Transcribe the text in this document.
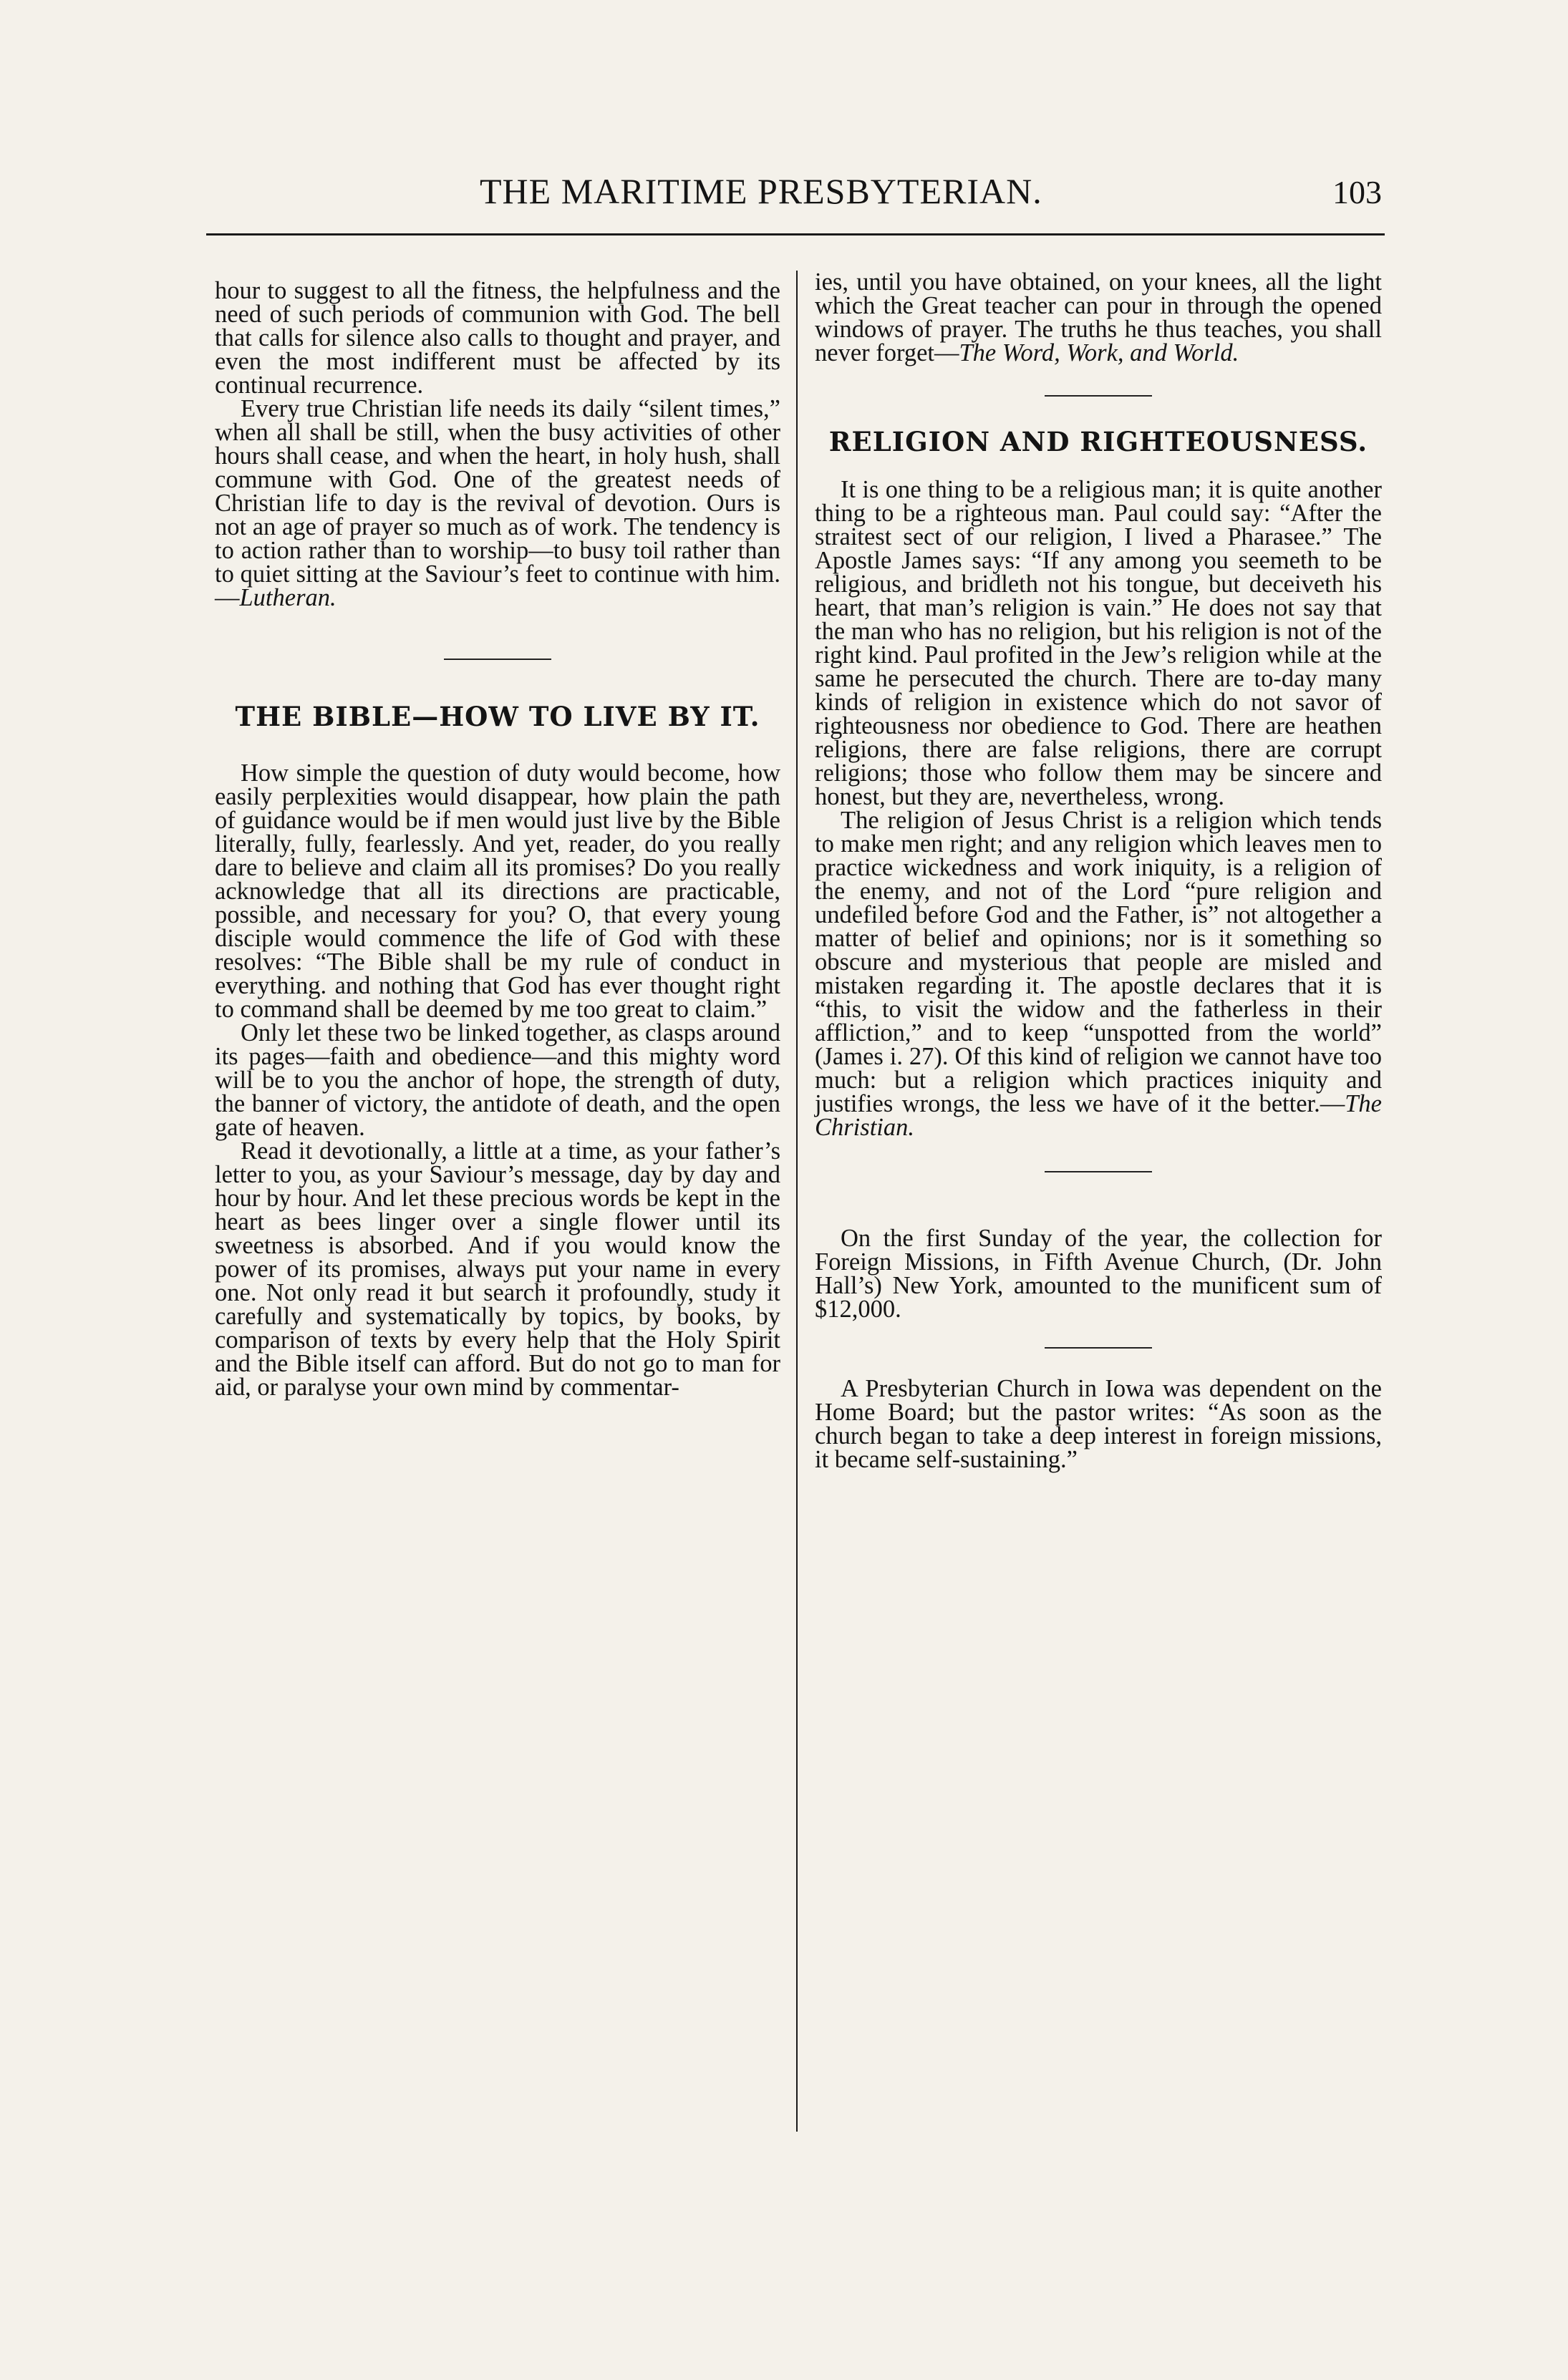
THE MARITIME PRESBYTERIAN.	103

hour to suggest to all the fitness, the helpfulness and the need of such periods of communion with God. The bell that calls for silence also calls to thought and prayer, and even the most indifferent must be affected by its continual recurrence.

Every true Christian life needs its daily “silent times,” when all shall be still, when the busy activities of other hours shall cease, and when the heart, in holy hush, shall commune with God. One of the greatest needs of Christian life to day is the revival of devotion. Ours is not an age of prayer so much as of work. The tendency is to action rather than to worship—to busy toil rather than to quiet sitting at the Saviour’s feet to continue with him.—Lutheran.

THE BIBLE—HOW TO LIVE BY IT.

How simple the question of duty would become, how easily perplexities would disappear, how plain the path of guidance would be if men would just live by the Bible literally, fully, fearlessly. And yet, reader, do you really dare to believe and claim all its promises? Do you really acknowledge that all its directions are practicable, possible, and necessary for you? O, that every young disciple would commence the life of God with these resolves: “The Bible shall be my rule of conduct in everything. and nothing that God has ever thought right to command shall be deemed by me too great to claim.”

Only let these two be linked together, as clasps around its pages—faith and obedience—and this mighty word will be to you the anchor of hope, the strength of duty, the banner of victory, the antidote of death, and the open gate of heaven.

Read it devotionally, a little at a time, as your father’s letter to you, as your Saviour’s message, day by day and hour by hour. And let these precious words be kept in the heart as bees linger over a single flower until its sweetness is absorbed. And if you would know the power of its promises, always put your name in every one. Not only read it but search it profoundly, study it carefully and systematically by topics, by books, by comparison of texts by every help that the Holy Spirit and the Bible itself can afford. But do not go to man for aid, or paralyse your own mind by commentar-

ies, until you have obtained, on your knees, all the light which the Great teacher can pour in through the opened windows of prayer. The truths he thus teaches, you shall never forget—The Word, Work, and World.

RELIGION AND RIGHTEOUSNESS.

It is one thing to be a religious man; it is quite another thing to be a righteous man. Paul could say: “After the straitest sect of our religion, I lived a Pharasee.” The Apostle James says: “If any among you seemeth to be religious, and bridleth not his tongue, but deceiveth his heart, that man’s religion is vain.” He does not say that the man who has no religion, but his religion is not of the right kind. Paul profited in the Jew’s religion while at the same he persecuted the church. There are to-day many kinds of religion in existence which do not savor of righteousness nor obedience to God. There are heathen religions, there are false religions, there are corrupt religions; those who follow them may be sincere and honest, but they are, nevertheless, wrong.

The religion of Jesus Christ is a religion which tends to make men right; and any religion which leaves men to practice wickedness and work iniquity, is a religion of the enemy, and not of the Lord “pure religion and undefiled before God and the Father, is” not altogether a matter of belief and opinions; nor is it something so obscure and mysterious that people are misled and mistaken regarding it. The apostle declares that it is “this, to visit the widow and the fatherless in their affliction,” and to keep “unspotted from the world” (James i. 27). Of this kind of religion we cannot have too much: but a religion which practices iniquity and justifies wrongs, the less we have of it the better.—The Christian.

On the first Sunday of the year, the collection for Foreign Missions, in Fifth Avenue Church, (Dr. John Hall’s) New York, amounted to the munificent sum of $12,000.

A Presbyterian Church in Iowa was dependent on the Home Board; but the pastor writes: “As soon as the church began to take a deep interest in foreign missions, it became self-sustaining.”
